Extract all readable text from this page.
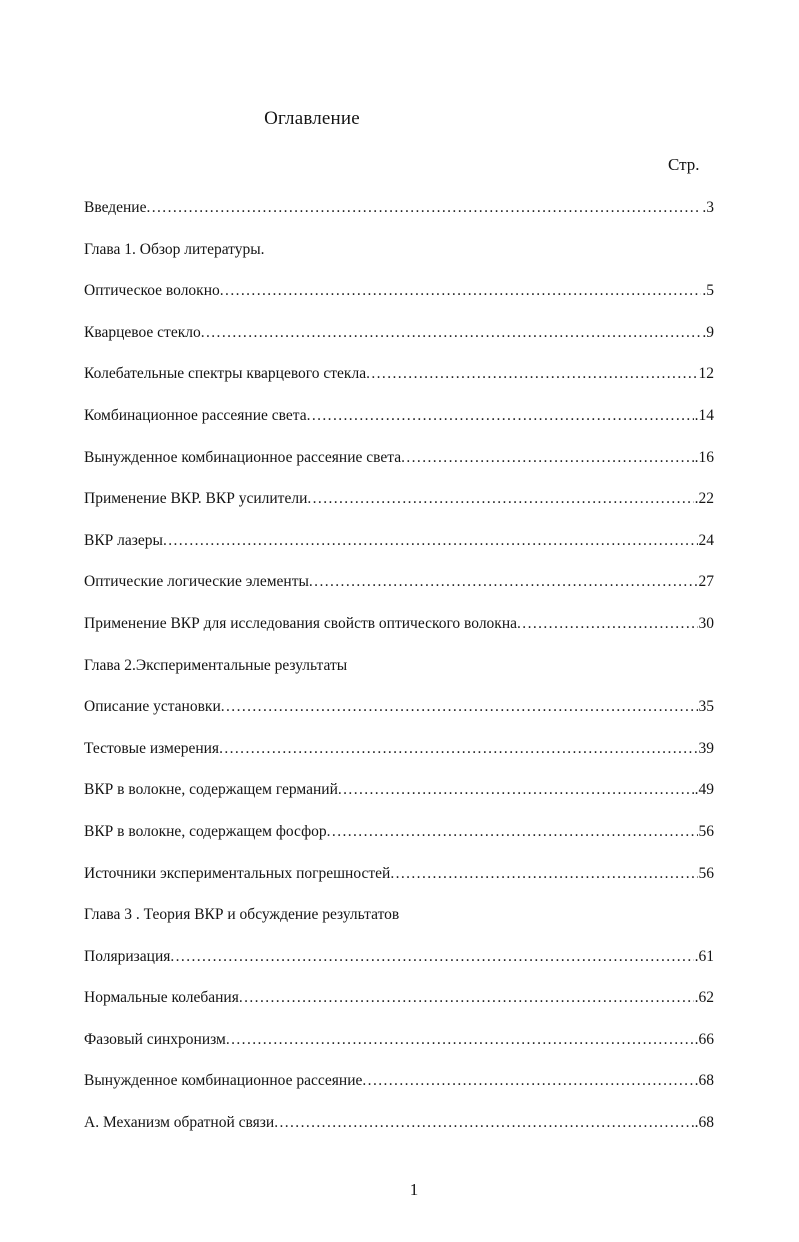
Оглавление
Стр.
Введение .....	.3
Глава 1. Обзор литературы.
Оптическое волокно .....	.5
Кварцевое стекло .....	.9
Колебательные спектры кварцевого стекла .....	12
Комбинационное рассеяние света .....	.14
Вынужденное комбинационное рассеяние света .....	.16
Применение ВКР. ВКР усилители .....	.22
ВКР лазеры .....	24
Оптические логические элементы .....	27
Применение ВКР для исследования свойств оптического волокна .....	30
Глава 2.Экспериментальные результаты
Описание установки .....	35
Тестовые измерения .....	39
ВКР в волокне, содержащем германий .....	.49
ВКР в волокне, содержащем фосфор .....	56
Источники экспериментальных погрешностей .....	56
Глава 3 . Теория ВКР и обсуждение результатов
Поляризация .....	.61
Нормальные колебания .....	.62
Фазовый синхронизм .....	.66
Вынужденное комбинационное рассеяние .....	.68
А. Механизм обратной связи .....	.68
1
